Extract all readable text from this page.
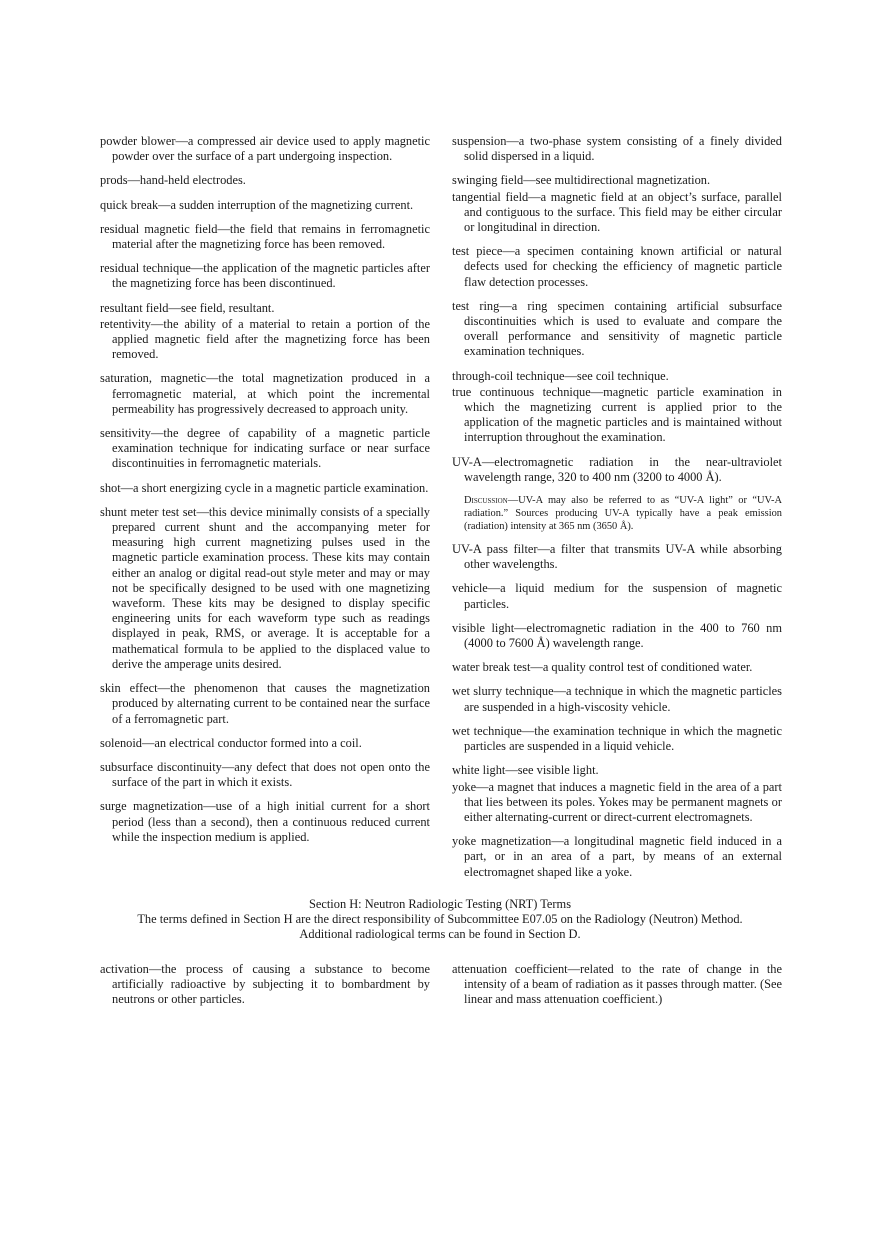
powder blower—a compressed air device used to apply magnetic powder over the surface of a part undergoing inspection.

prods—hand-held electrodes.

quick break—a sudden interruption of the magnetizing current.

residual magnetic field—the field that remains in ferromagnetic material after the magnetizing force has been removed.

residual technique—the application of the magnetic particles after the magnetizing force has been discontinued.

resultant field—see field, resultant.

retentivity—the ability of a material to retain a portion of the applied magnetic field after the magnetizing force has been removed.

saturation, magnetic—the total magnetization produced in a ferromagnetic material, at which point the incremental permeability has progressively decreased to approach unity.

sensitivity—the degree of capability of a magnetic particle examination technique for indicating surface or near surface discontinuities in ferromagnetic materials.

shot—a short energizing cycle in a magnetic particle examination.

shunt meter test set—this device minimally consists of a specially prepared current shunt and the accompanying meter for measuring high current magnetizing pulses used in the magnetic particle examination process. These kits may contain either an analog or digital read-out style meter and may or may not be specifically designed to be used with one magnetizing waveform. These kits may be designed to display specific engineering units for each waveform type such as readings displayed in peak, RMS, or average. It is acceptable for a mathematical formula to be applied to the displaced value to derive the amperage units desired.

skin effect—the phenomenon that causes the magnetization produced by alternating current to be contained near the surface of a ferromagnetic part.

solenoid—an electrical conductor formed into a coil.

subsurface discontinuity—any defect that does not open onto the surface of the part in which it exists.

surge magnetization—use of a high initial current for a short period (less than a second), then a continuous reduced current while the inspection medium is applied.

suspension—a two-phase system consisting of a finely divided solid dispersed in a liquid.

swinging field—see multidirectional magnetization.

tangential field—a magnetic field at an object’s surface, parallel and contiguous to the surface. This field may be either circular or longitudinal in direction.

test piece—a specimen containing known artificial or natural defects used for checking the efficiency of magnetic particle flaw detection processes.

test ring—a ring specimen containing artificial subsurface discontinuities which is used to evaluate and compare the overall performance and sensitivity of magnetic particle examination techniques.

through-coil technique—see coil technique.

true continuous technique—magnetic particle examination in which the magnetizing current is applied prior to the application of the magnetic particles and is maintained without interruption throughout the examination.

UV-A—electromagnetic radiation in the near-ultraviolet wavelength range, 320 to 400 nm (3200 to 4000 Å).

Discussion—UV-A may also be referred to as “UV-A light” or “UV-A radiation.” Sources producing UV-A typically have a peak emission (radiation) intensity at 365 nm (3650 Å).

UV-A pass filter—a filter that transmits UV-A while absorbing other wavelengths.

vehicle—a liquid medium for the suspension of magnetic particles.

visible light—electromagnetic radiation in the 400 to 760 nm (4000 to 7600 Å) wavelength range.

water break test—a quality control test of conditioned water.

wet slurry technique—a technique in which the magnetic particles are suspended in a high-viscosity vehicle.

wet technique—the examination technique in which the magnetic particles are suspended in a liquid vehicle.

white light—see visible light.

yoke—a magnet that induces a magnetic field in the area of a part that lies between its poles. Yokes may be permanent magnets or either alternating-current or direct-current electromagnets.

yoke magnetization—a longitudinal magnetic field induced in a part, or in an area of a part, by means of an external electromagnet shaped like a yoke.

Section H: Neutron Radiologic Testing (NRT) Terms
The terms defined in Section H are the direct responsibility of Subcommittee E07.05 on the Radiology (Neutron) Method.
Additional radiological terms can be found in Section D.

activation—the process of causing a substance to become artificially radioactive by subjecting it to bombardment by neutrons or other particles.

attenuation coefficient—related to the rate of change in the intensity of a beam of radiation as it passes through matter. (See linear and mass attenuation coefficient.)
